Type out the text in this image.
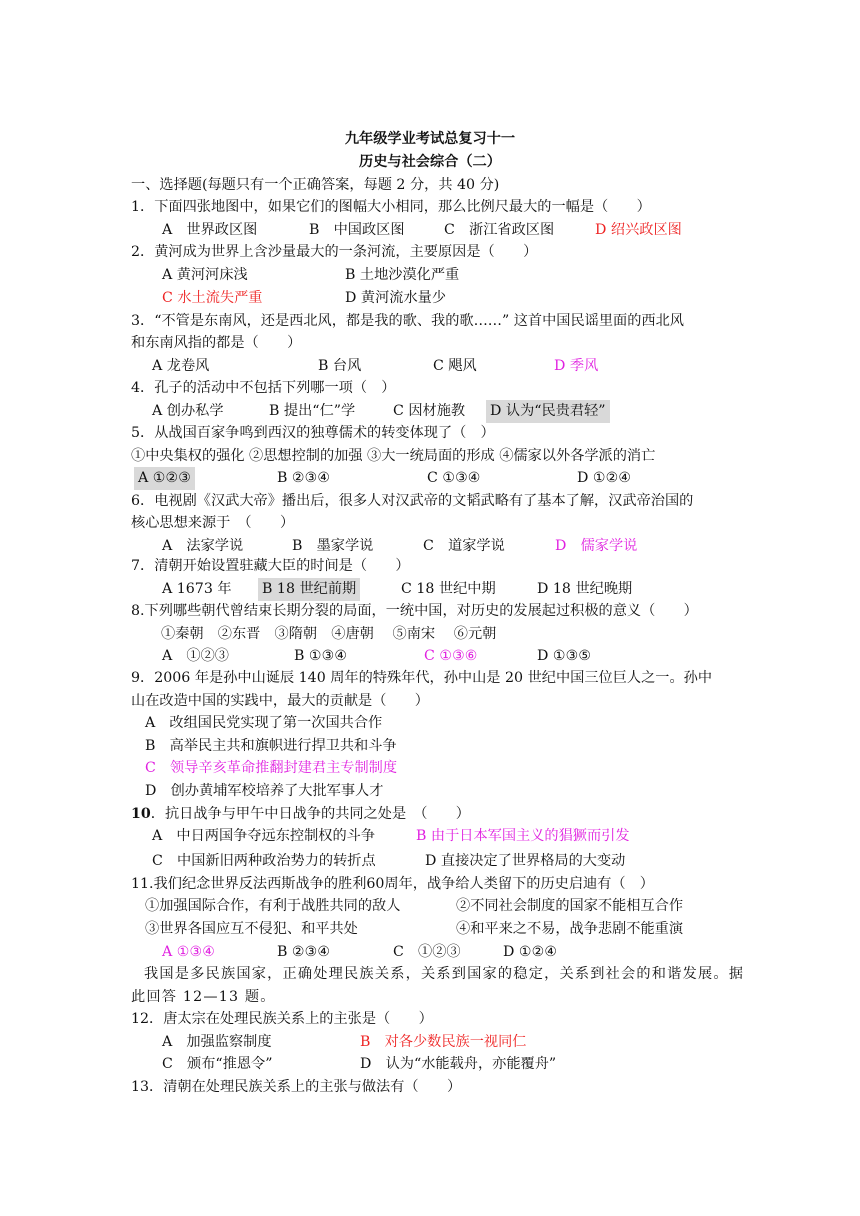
九年级学业考试总复习十一
历史与社会综合（二）
一、选择题(每题只有一个正确答案，每题 2 分，共 40 分)
1．下面四张地图中，如果它们的图幅大小相同，那么比例尺最大的一幅是（　　）
A　世界政区图	B　中国政区图	C　浙江省政区图	D 绍兴政区图
2．黄河成为世界上含沙量最大的一条河流，主要原因是（　　）
A 黄河河床浅	B 土地沙漠化严重
C 水土流失严重	D 黄河流水量少
3．“不管是东南风，还是西北风，都是我的歌、我的歌……” 这首中国民谣里面的西北风
和东南风指的都是（　　）
A 龙卷风	B 台风	C 飓风	D 季风
4．孔子的活动中不包括下列哪一项（　）
A 创办私学	B 提出“仁”学	C 因材施教 D 认为“民贵君轻”
5．从战国百家争鸣到西汉的独尊儒术的转变体现了（　）
①中央集权的强化 ②思想控制的加强 ③大一统局面的形成 ④儒家以外各学派的消亡
A ①②③	B ②③④	C ①③④	D ①②④
6．电视剧《汉武大帝》播出后，很多人对汉武帝的文韬武略有了基本了解，汉武帝治国的
核心思想来源于　（　　）
A　法家学说	B　墨家学说	C　道家学说	D　儒家学说
7．清朝开始设置驻藏大臣的时间是（　　）
A 1673 年 B 18 世纪前期	C 18 世纪中期	D 18 世纪晚期
8.下列哪些朝代曾结束长期分裂的局面，一统中国，对历史的发展起过积极的意义（　　）
①秦朝　②东晋　③隋朝　④唐朝　 ⑤南宋　 ⑥元朝
A　①②③	B ①③④	C ①③⑥	D ①③⑤
9．2006 年是孙中山诞辰 140 周年的特殊年代，孙中山是 20 世纪中国三位巨人之一。孙中
山在改造中国的实践中，最大的贡献是（　　）
A　改组国民党实现了第一次国共合作
B　高举民主共和旗帜进行捍卫共和斗争
C　领导辛亥革命推翻封建君主专制制度
D　创办黄埔军校培养了大批军事人才
10．抗日战争与甲午中日战争的共同之处是　（　　）
A　中日两国争夺远东控制权的斗争	B 由于日本军国主义的猖獗而引发
C　中国新旧两种政治势力的转折点	D 直接决定了世界格局的大变动
11.我们纪念世界反法西斯战争的胜利60周年，战争给人类留下的历史启迪有（　）
①加强国际合作，有利于战胜共同的敌人	②不同社会制度的国家不能相互合作
③世界各国应互不侵犯、和平共处	④和平来之不易，战争悲剧不能重演
A ①③④	B ②③④	C　①②③	D ①②④
我国是多民族国家，正确处理民族关系，关系到国家的稳定，关系到社会的和谐发展。据
此回答 12—13 题。
12．唐太宗在处理民族关系上的主张是（　　）
A　加强监察制度	B　对各少数民族一视同仁
C　颁布“推恩令”	D　认为“水能载舟，亦能覆舟”
13．清朝在处理民族关系上的主张与做法有（　　）
